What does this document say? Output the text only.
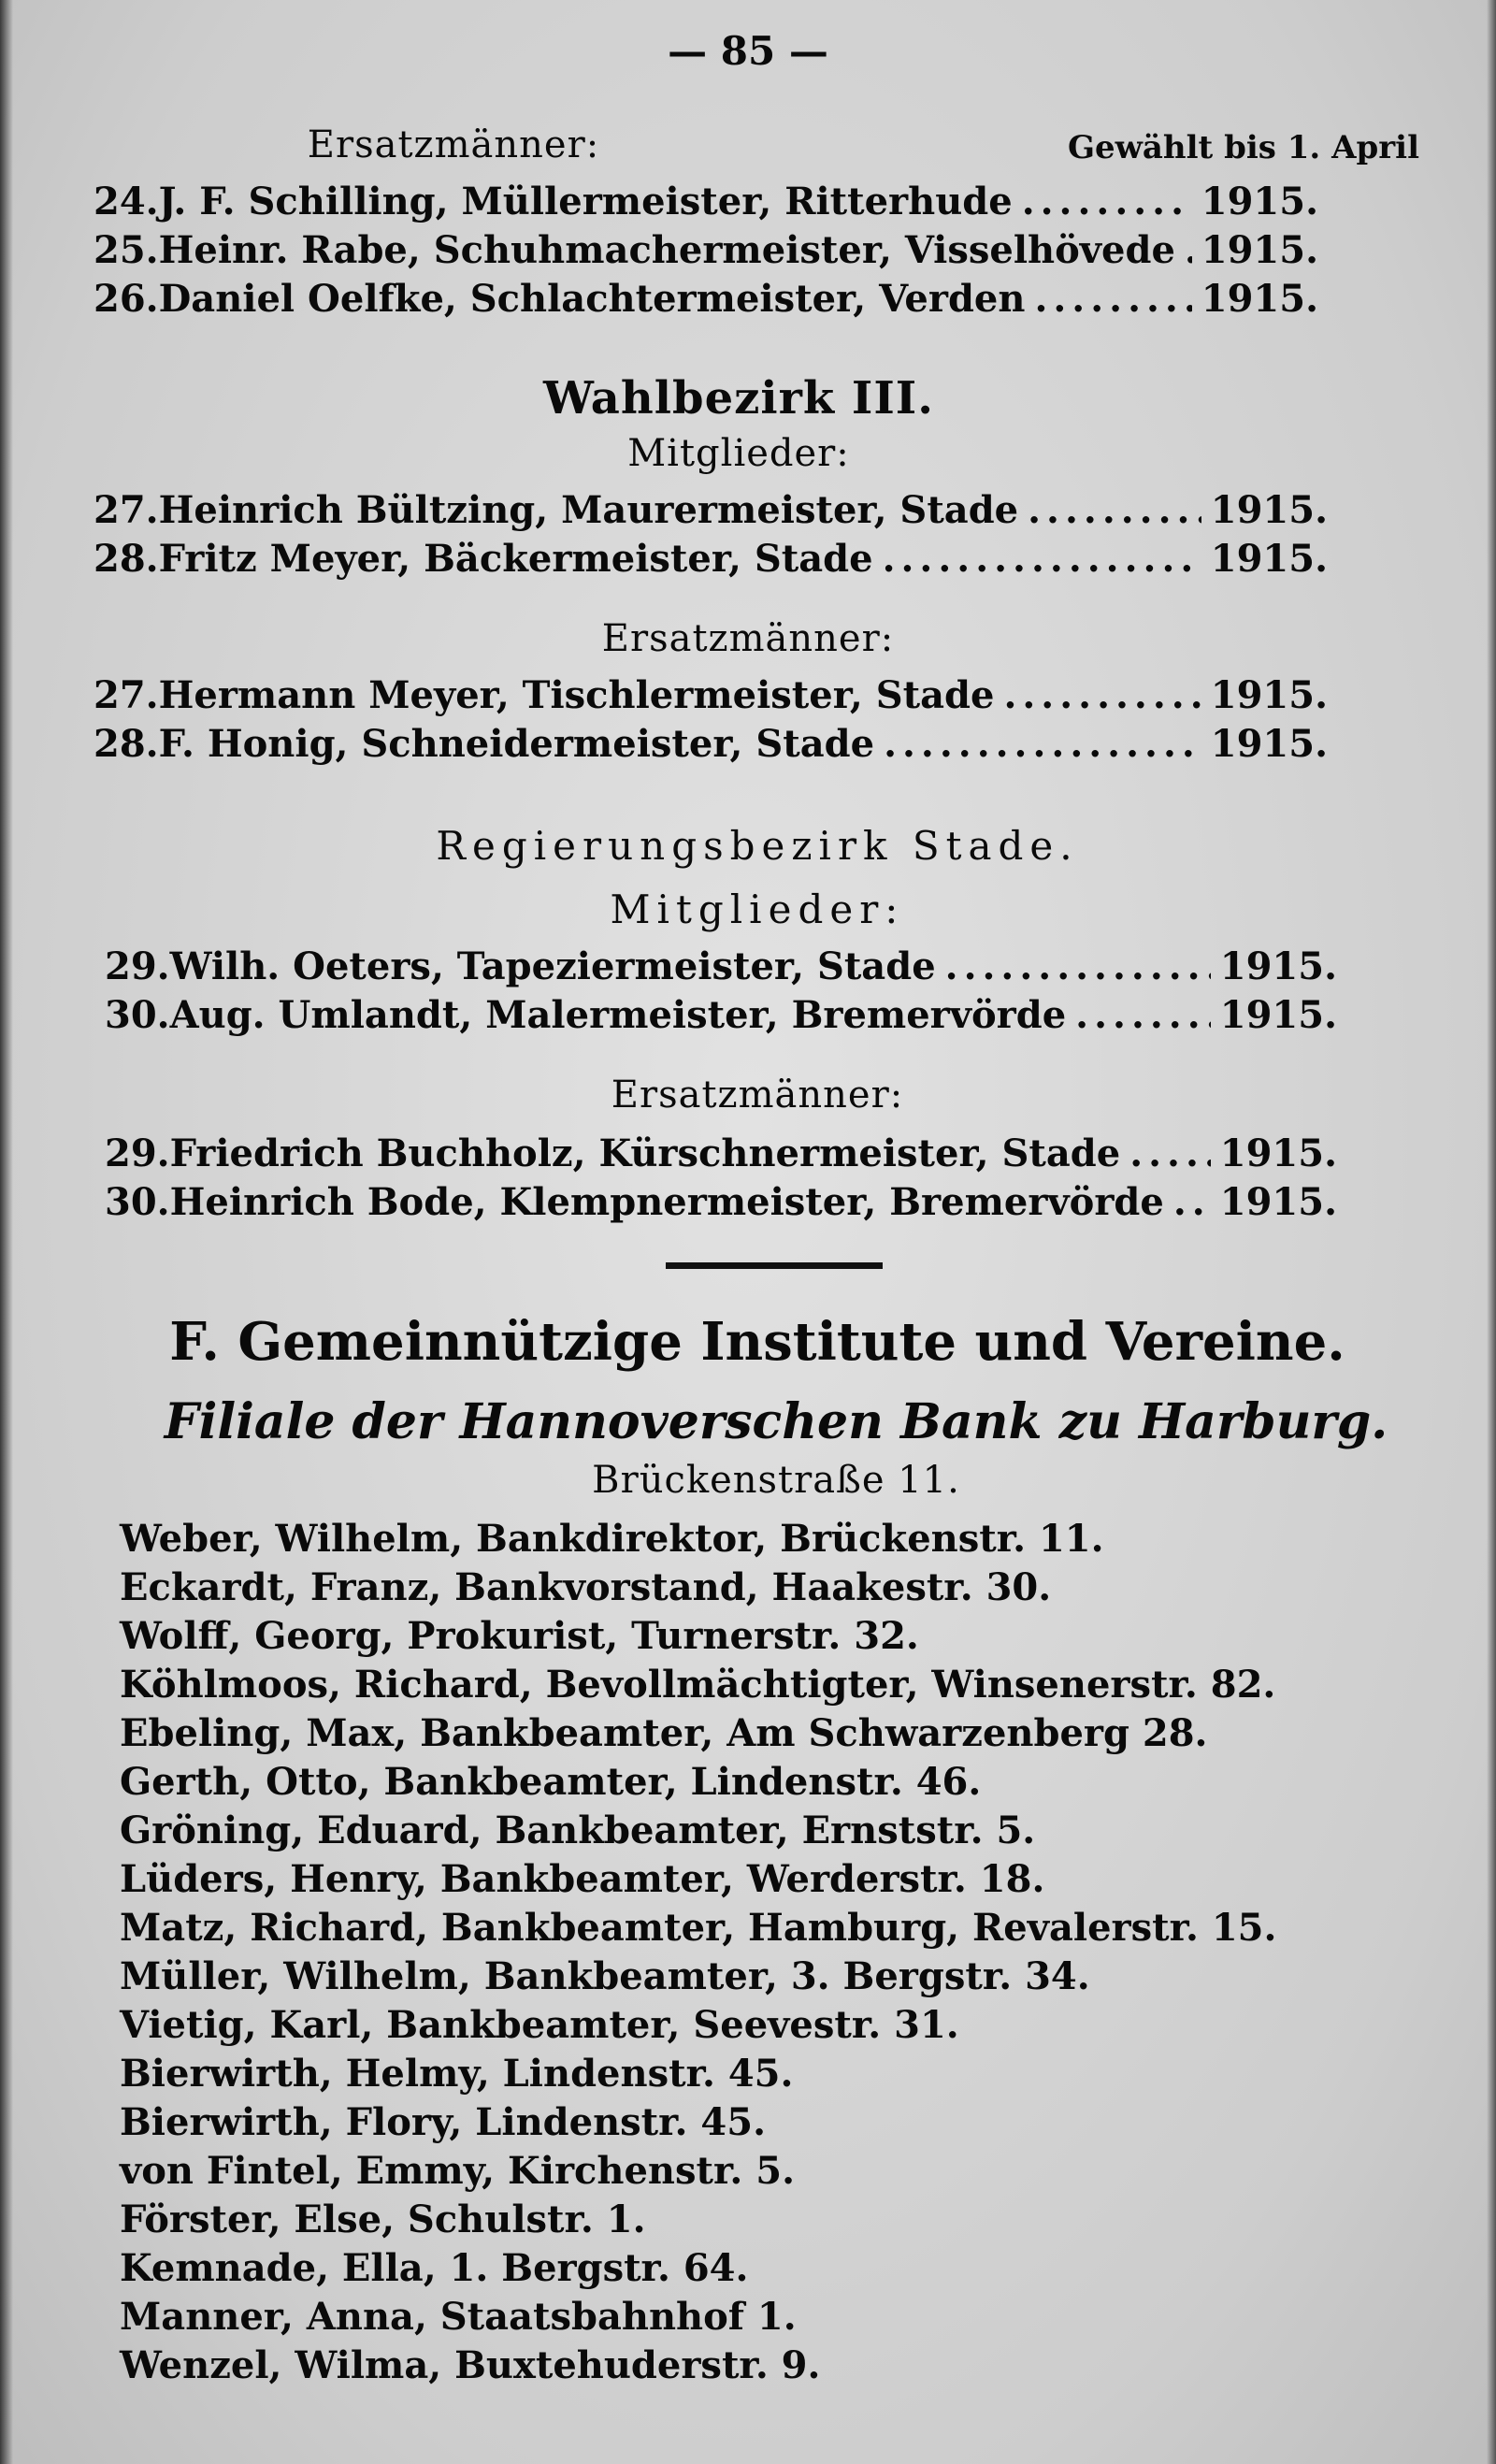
— 85 —
Ersatzmänner:	Gewählt bis 1. April
24. J. F. Schilling, Müllermeister, Ritterhude .....	1915.
25. Heinr. Rabe, Schuhmachermeister, Visselhövede ..... 1915.
26. Daniel Oelfke, Schlachtermeister, Verden .....	1915.
Wahlbezirk III.
Mitglieder:
27. Heinrich Bültzing, Maurermeister, Stade .....	1915.
28. Fritz Meyer, Bäckermeister, Stade .....	1915.
Ersatzmänner:
27. Hermann Meyer, Tischlermeister, Stade .....	1915.
28. F. Honig, Schneidermeister, Stade .....	1915.
Regierungsbezirk Stade.
Mitglieder:
29. Wilh. Oeters, Tapeziermeister, Stade .....	1915.
30. Aug. Umlandt, Malermeister, Bremervörde .....	1915.
Ersatzmänner:
29. Friedrich Buchholz, Kürschnermeister, Stade .....	1915.
30. Heinrich Bode, Klempnermeister, Bremervörde ..... 1915.
F. Gemeinnützige Institute und Vereine.
Filiale der Hannoverschen Bank zu Harburg.
Brückenstraße 11.
Weber, Wilhelm, Bankdirektor, Brückenstr. 11.
Eckardt, Franz, Bankvorstand, Haakestr. 30.
Wolff, Georg, Prokurist, Turnerstr. 32.
Köhlmoos, Richard, Bevollmächtigter, Winsenerstr. 82.
Ebeling, Max, Bankbeamter, Am Schwarzenberg 28.
Gerth, Otto, Bankbeamter, Lindenstr. 46.
Gröning, Eduard, Bankbeamter, Ernststr. 5.
Lüders, Henry, Bankbeamter, Werderstr. 18.
Matz, Richard, Bankbeamter, Hamburg, Revalerstr. 15.
Müller, Wilhelm, Bankbeamter, 3. Bergstr. 34.
Vietig, Karl, Bankbeamter, Seevestr. 31.
Bierwirth, Helmy, Lindenstr. 45.
Bierwirth, Flory, Lindenstr. 45.
von Fintel, Emmy, Kirchenstr. 5.
Förster, Else, Schulstr. 1.
Kemnade, Ella, 1. Bergstr. 64.
Manner, Anna, Staatsbahnhof 1.
Wenzel, Wilma, Buxtehuderstr. 9.
